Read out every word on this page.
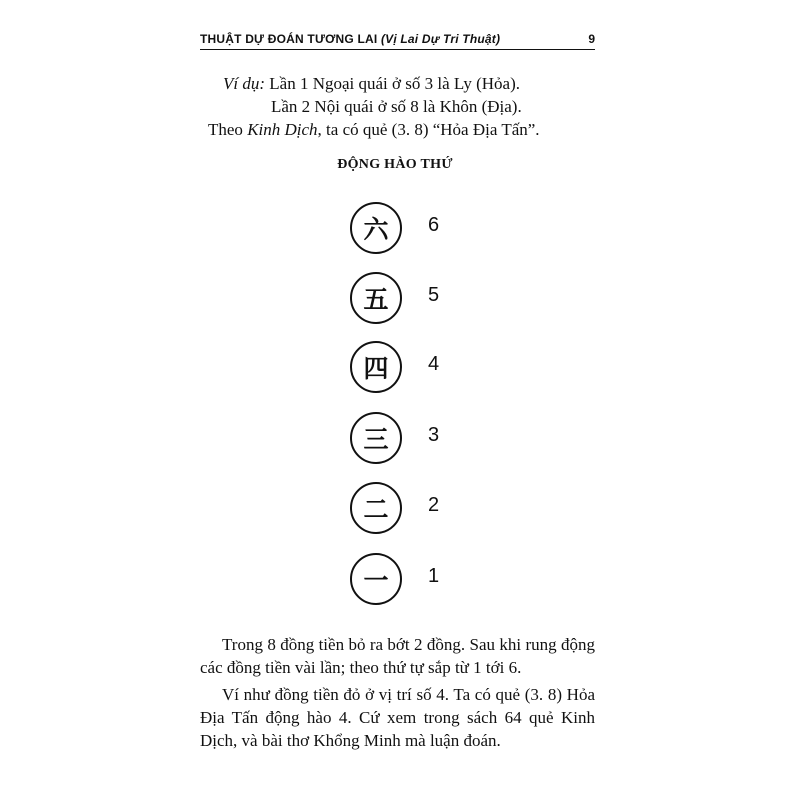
THUẬT DỰ ĐOÁN TƯƠNG LAI (Vị Lai Dự Tri Thuật)	9
Ví dụ: Lần 1 Ngoại quái ở số 3 là Ly (Hỏa).
Lần 2 Nội quái ở số 8 là Khôn (Địa).
Theo Kinh Dịch, ta có quẻ (3. 8) “Hỏa Địa Tấn”.
ĐỘNG HÀO THỨ
六	6
五	5
四	4
三	3
二	2
一	1

Trong 8 đồng tiền bỏ ra bớt 2 đồng. Sau khi rung động các đồng tiền vài lần; theo thứ tự sắp từ 1 tới 6.

Ví như đồng tiền đỏ ở vị trí số 4. Ta có quẻ (3. 8) Hỏa Địa Tấn động hào 4. Cứ xem trong sách 64 quẻ Kinh Dịch, và bài thơ Khổng Minh mà luận đoán.
